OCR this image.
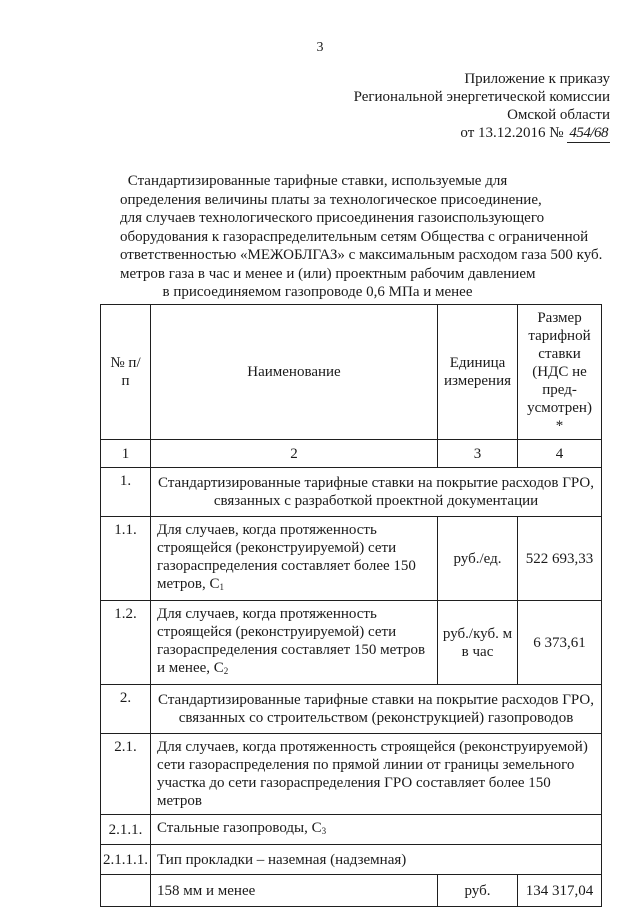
3
Приложение к приказу
Региональной энергетической комиссии
Омской области
от 13.12.2016 № 454/68
Стандартизированные тарифные ставки, используемые для
определения величины платы за технологическое присоединение,
для случаев технологического присоединения газоиспользующего
оборудования к газораспределительным сетям Общества с ограниченной
ответственностью «МЕЖОБЛГАЗ» с максимальным расходом газа 500 куб.
метров газа в час и менее и (или) проектным рабочим давлением
в присоединяемом газопроводе 0,6 МПа и менее
№ п/п	Наименование	Единица измерения	Размер тарифной ставки (НДС не пред-усмотрен) *
1	2	3	4
1.	Стандартизированные тарифные ставки на покрытие расходов ГРО, связанных с разработкой проектной документации		
1.1.	Для случаев, когда протяженность строящейся (реконструируемой) сети газораспределения составляет более 150 метров, $С_1$	руб./ед.	522 693,33
1.2.	Для случаев, когда протяженность строящейся (реконструируемой) сети газораспределения составляет 150 метров и менее, $С_2$	руб./куб. м в час	6 373,61
2.	Стандартизированные тарифные ставки на покрытие расходов ГРО, связанных со строительством (реконструкцией) газопроводов		
2.1.	Для случаев, когда протяженность строящейся (реконструируемой) сети газораспределения по прямой линии от границы земельного участка до сети газораспределения ГРО составляет более 150 метров		
2.1.1.	Стальные газопроводы, $С_3$
2.1.1.1.	Тип прокладки – наземная (надземная)		
	158 мм и менее	руб.	134 317,04
